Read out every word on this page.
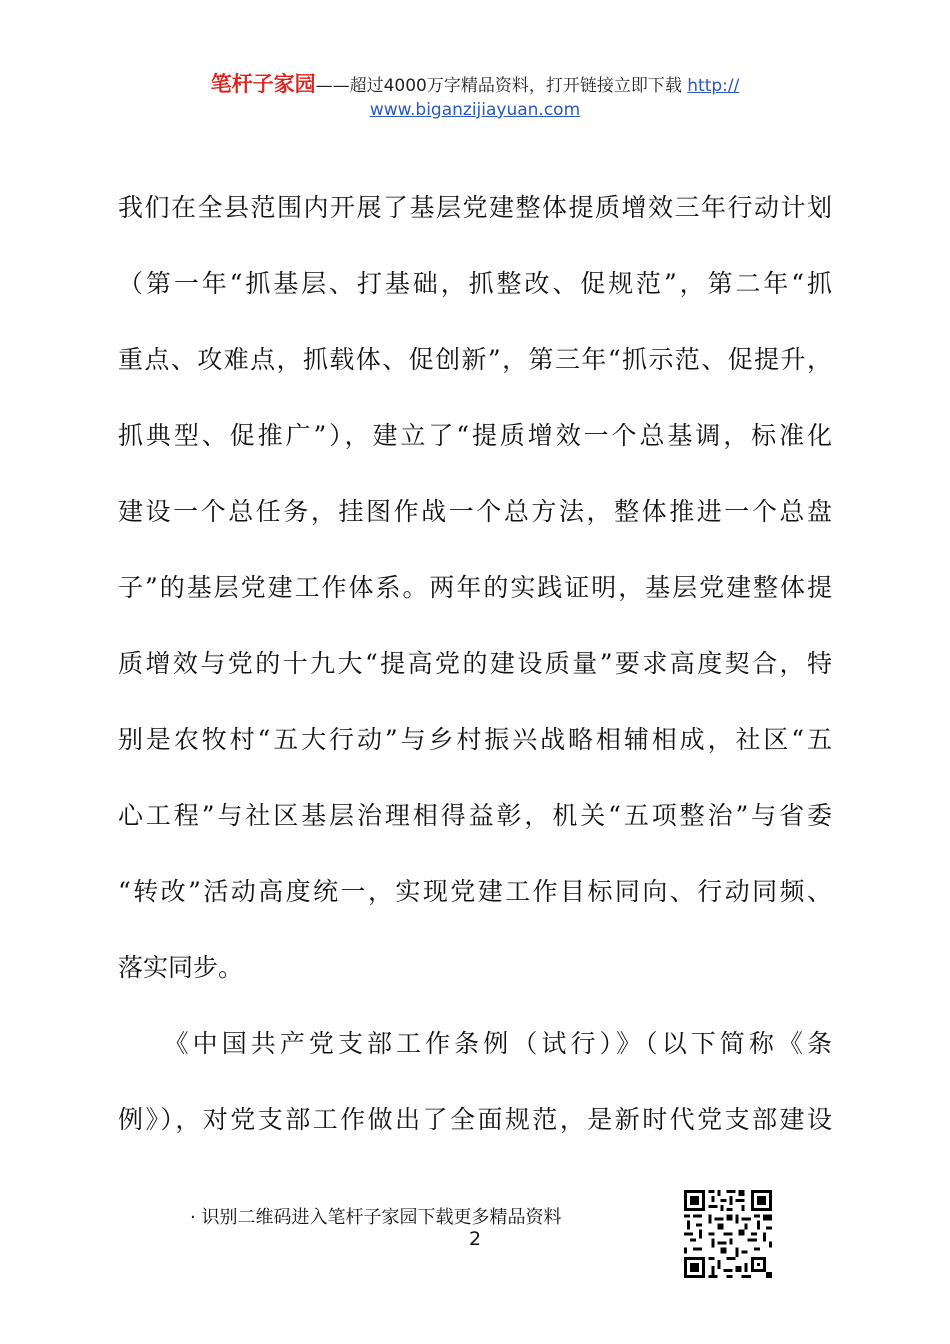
笔杆子家园——超过4000万字精品资料，打开链接立即下载 http://
www.biganzijiayuan.com
我们在全县范围内开展了基层党建整体提质增效三年行动计划
（第一年“抓基层、打基础，抓整改、促规范”，第二年“抓
重点、攻难点，抓载体、促创新”，第三年“抓示范、促提升，
抓典型、促推广”），建立了“提质增效一个总基调，标准化
建设一个总任务，挂图作战一个总方法，整体推进一个总盘
子”的基层党建工作体系。两年的实践证明，基层党建整体提
质增效与党的十九大“提高党的建设质量”要求高度契合，特
别是农牧村“五大行动”与乡村振兴战略相辅相成，社区“五
心工程”与社区基层治理相得益彰，机关“五项整治”与省委
“转改”活动高度统一，实现党建工作目标同向、行动同频、
落实同步。
　　《中国共产党支部工作条例（试行）》（以下简称《条
例》），对党支部工作做出了全面规范，是新时代党支部建设
· 识别二维码进入笔杆子家园下载更多精品资料
2
